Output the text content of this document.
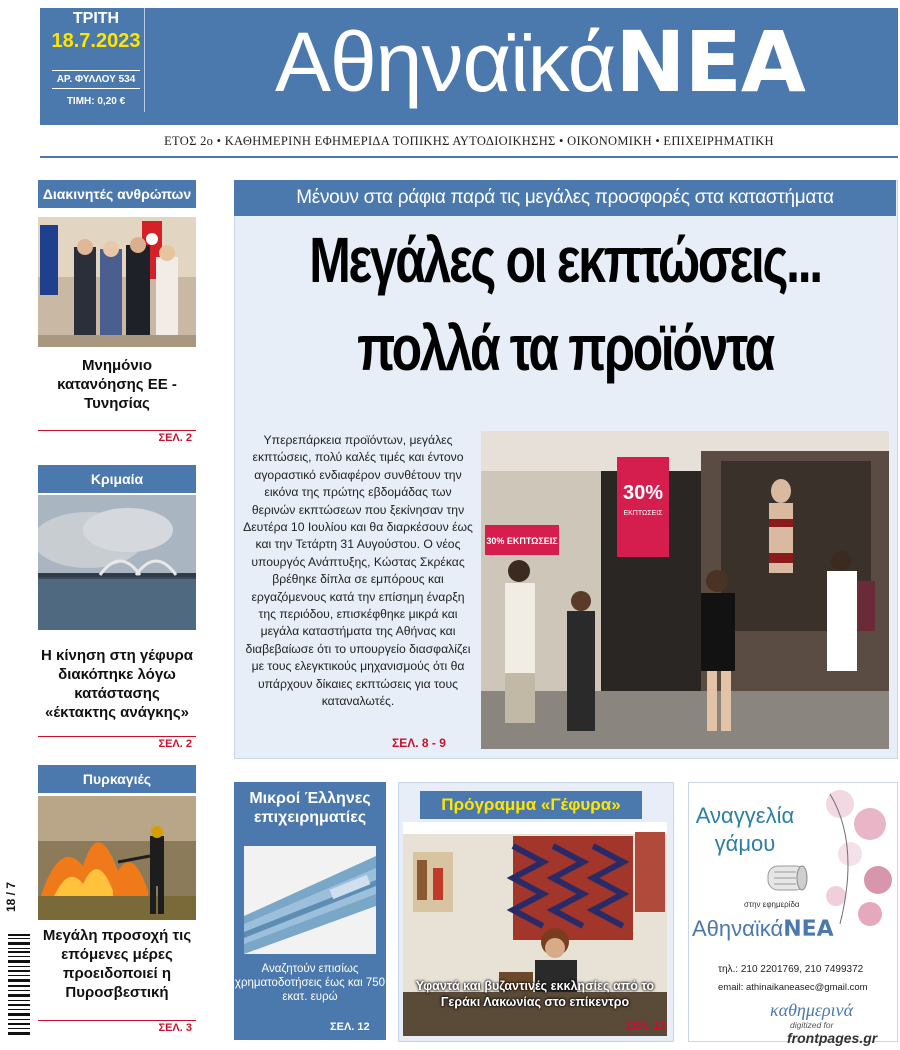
ΤΡΙΤΗ
18.7.2023
ΑΡ. ΦΥΛΛΟΥ 534
ΤΙΜΗ: 0,20 € ΑθηναϊκάΝΕΑ
ΕΤΟΣ 2ο • ΚΑΘΗΜΕΡΙΝΗ ΕΦΗΜΕΡΙΔΑ ΤΟΠΙΚΗΣ ΑΥΤΟΔΙΟΙΚΗΣΗΣ • ΟΙΚΟΝΟΜΙΚΗ • ΕΠΙΧΕΙΡΗΜΑΤΙΚΗ
Διακινητές ανθρώπων
Μνημόνιο κατανόησης ΕΕ - Τυνησίας
ΣΕΛ. 2
Κριμαία
Η κίνηση στη γέφυρα διακόπηκε λόγω κατάστασης «έκτακτης ανάγκης»
ΣΕΛ. 2
Πυρκαγιές
Μεγάλη προσοχή τις επόμενες μέρες προειδοποιεί η Πυροσβεστική
ΣΕΛ. 3
18 / 7
Μένουν στα ράφια παρά τις μεγάλες προσφορές στα καταστήματα
Μεγάλες οι εκπτώσεις...
πολλά τα προϊόντα
Υπερεπάρκεια προϊόντων, μεγάλες εκπτώσεις, πολύ καλές τιμές και έντονο αγοραστικό ενδιαφέρον συνθέτουν την εικόνα της πρώτης εβδομάδας των θερινών εκπτώσεων που ξεκίνησαν την Δευτέρα 10 Ιουλίου και θα διαρκέσουν έως και την Τετάρτη 31 Αυγούστου. Ο νέος υπουργός Ανάπτυξης, Κώστας Σκρέκας βρέθηκε δίπλα σε εμπόρους και εργαζόμενους κατά την επίσημη έναρξη της περιόδου, επισκέφθηκε μικρά και μεγάλα καταστήματα της Αθήνας και διαβεβαίωσε ότι το υπουργείο διασφαλίζει με τους ελεγκτικούς μηχανισμούς ότι θα υπάρχουν δίκαιες εκπτώσεις για τους καταναλωτές.
ΣΕΛ. 8 - 9
30%
ΕΚΠΤΩΣΕΙΣ
30% ΕΚΠΤΩΣΕΙΣ
Μικροί Έλληνες επιχειρηματίες
Αναζητούν επισίως χρηματοδοτήσεις έως και 750 εκατ. ευρώ
ΣΕΛ. 12
Πρόγραμμα «Γέφυρα»
Υφαντά και βυζαντινές εκκλησίες από το Γεράκι Λακωνίας στο επίκεντρο
ΣΕΛ. 13
Αναγγελία γάμου
στην εφημερίδα
ΑθηναϊκάΝΕΑ
τηλ.: 210 2201769, 210 7499372
email: athinaikaneasec@gmail.com
καθημερινά
digitized for
frontpages.gr
